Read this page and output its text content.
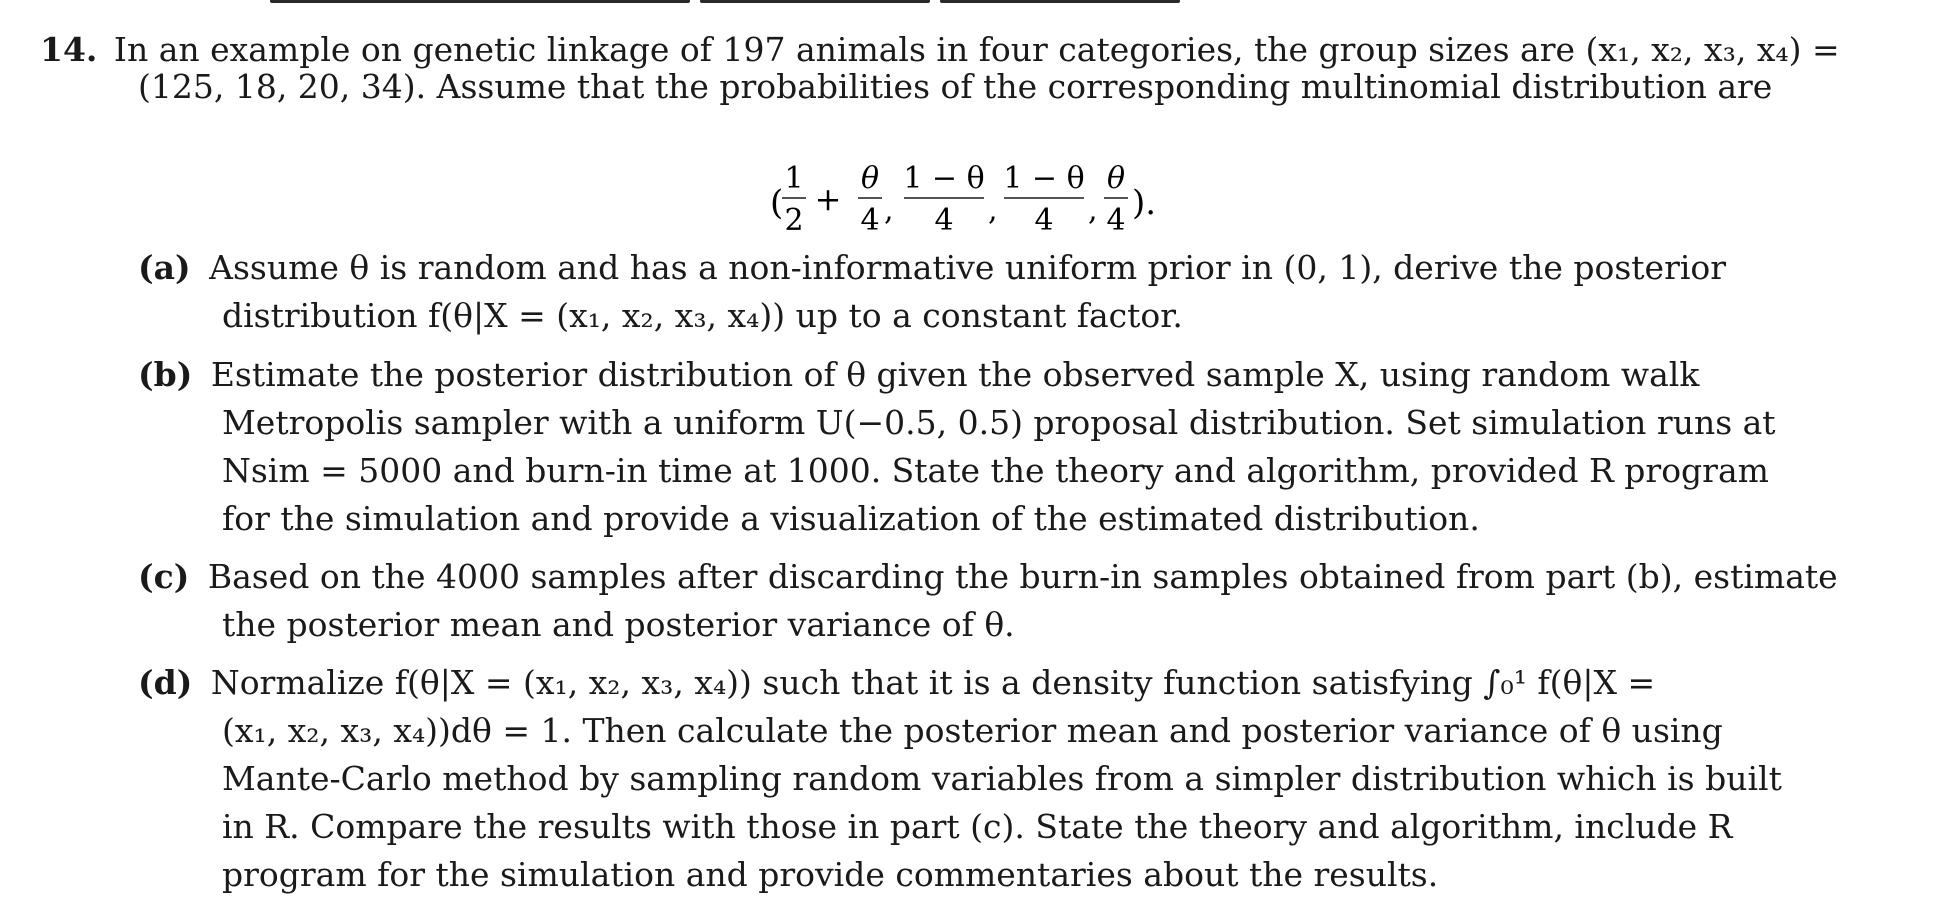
14. In an example on genetic linkage of 197 animals in four categories, the group sizes are (x₁, x₂, x₃, x₄) =
(125, 18, 20, 34). Assume that the probabilities of the corresponding multinomial distribution are
(
1
2
+
θ
4 ,
1 − θ
4 ,
1 − θ
4 ,
θ
4 ).
(a) Assume θ is random and has a non-informative uniform prior in (0, 1), derive the posterior
distribution f(θ|X = (x₁, x₂, x₃, x₄)) up to a constant factor.
(b) Estimate the posterior distribution of θ given the observed sample X, using random walk
Metropolis sampler with a uniform U(−0.5, 0.5) proposal distribution. Set simulation runs at
Nsim = 5000 and burn-in time at 1000. State the theory and algorithm, provided R program
for the simulation and provide a visualization of the estimated distribution.
(c) Based on the 4000 samples after discarding the burn-in samples obtained from part (b), estimate
the posterior mean and posterior variance of θ.
(d) Normalize f(θ|X = (x₁, x₂, x₃, x₄)) such that it is a density function satisfying ∫₀¹ f(θ|X =
(x₁, x₂, x₃, x₄))dθ = 1. Then calculate the posterior mean and posterior variance of θ using
Mante-Carlo method by sampling random variables from a simpler distribution which is built
in R. Compare the results with those in part (c). State the theory and algorithm, include R
program for the simulation and provide commentaries about the results.
